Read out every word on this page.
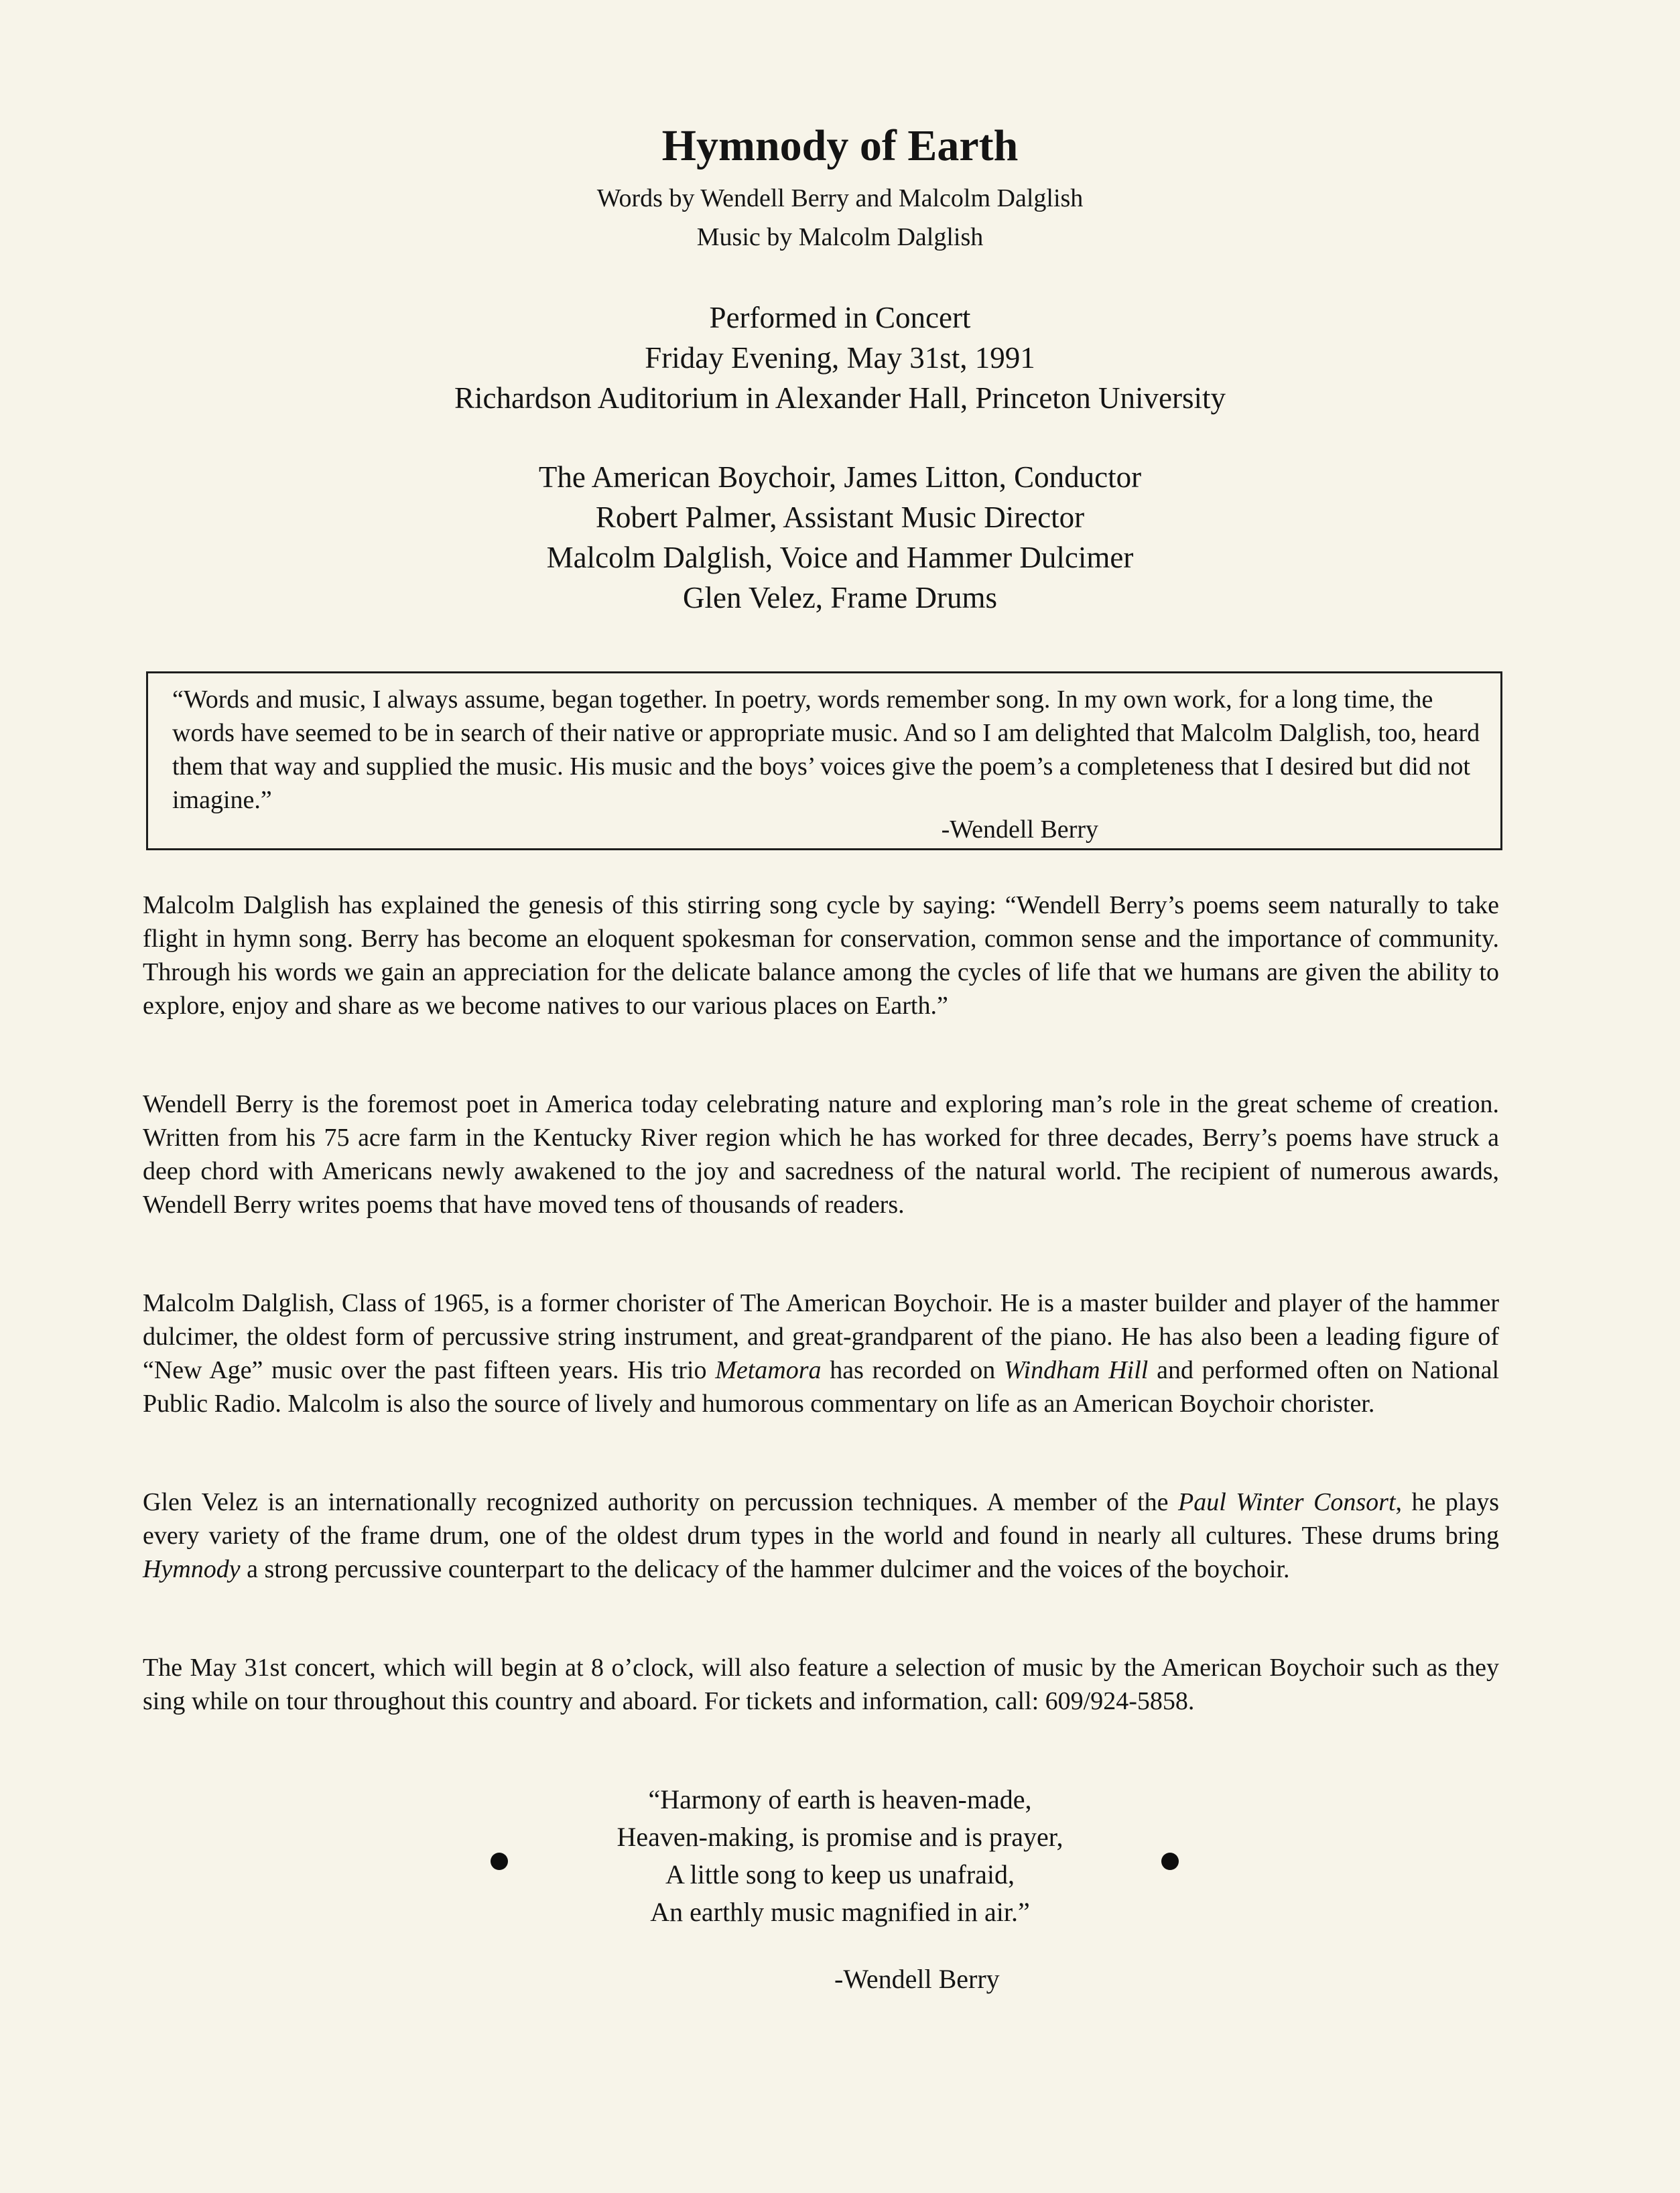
Hymnody of Earth
Words by Wendell Berry and Malcolm Dalglish
Music by Malcolm Dalglish
Performed in Concert
Friday Evening, May 31st, 1991
Richardson Auditorium in Alexander Hall, Princeton University
The American Boychoir, James Litton, Conductor
Robert Palmer, Assistant Music Director
Malcolm Dalglish, Voice and Hammer Dulcimer
Glen Velez, Frame Drums
“Words and music, I always assume, began together. In poetry, words remember song. In my own work, for a long time, the words have seemed to be in search of their native or appropriate music. And so I am delighted that Malcolm Dalglish, too, heard them that way and supplied the music. His music and the boys’ voices give the poem’s a completeness that I desired but did not imagine.”
-Wendell Berry
Malcolm Dalglish has explained the genesis of this stirring song cycle by saying: “Wendell Berry’s poems seem naturally to take flight in hymn song. Berry has become an eloquent spokesman for conservation, common sense and the importance of community. Through his words we gain an appreciation for the delicate balance among the cycles of life that we humans are given the ability to explore, enjoy and share as we become natives to our various places on Earth.”
Wendell Berry is the foremost poet in America today celebrating nature and exploring man’s role in the great scheme of creation. Written from his 75 acre farm in the Kentucky River region which he has worked for three decades, Berry’s poems have struck a deep chord with Americans newly awakened to the joy and sacredness of the natural world. The recipient of numerous awards, Wendell Berry writes poems that have moved tens of thousands of readers.
Malcolm Dalglish, Class of 1965, is a former chorister of The American Boychoir. He is a master builder and player of the hammer dulcimer, the oldest form of percussive string instrument, and great-grandparent of the piano. He has also been a leading figure of “New Age” music over the past fifteen years. His trio Metamora has recorded on Windham Hill and performed often on National Public Radio. Malcolm is also the source of lively and humorous commentary on life as an American Boychoir chorister.
Glen Velez is an internationally recognized authority on percussion techniques. A member of the Paul Winter Consort, he plays every variety of the frame drum, one of the oldest drum types in the world and found in nearly all cultures. These drums bring Hymnody a strong percussive counterpart to the delicacy of the hammer dulcimer and the voices of the boychoir.
The May 31st concert, which will begin at 8 o’clock, will also feature a selection of music by the American Boychoir such as they sing while on tour throughout this country and aboard. For tickets and information, call: 609/924-5858.
“Harmony of earth is heaven-made,
Heaven-making, is promise and is prayer,
A little song to keep us unafraid,
An earthly music magnified in air.”
-Wendell Berry
